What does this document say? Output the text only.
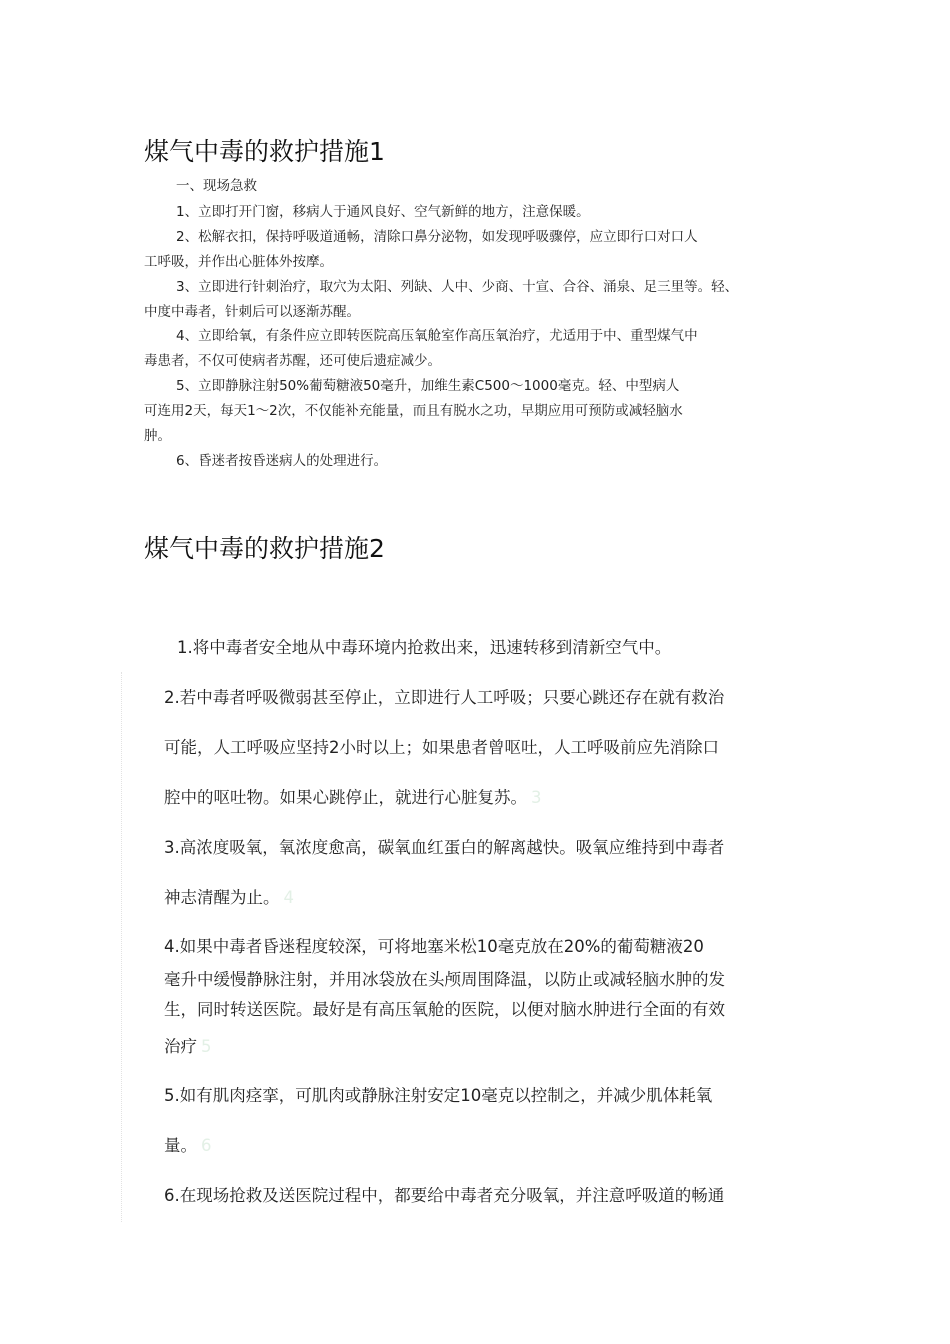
煤气中毒的救护措施1
一、现场急救
1、立即打开门窗，移病人于通风良好、空气新鲜的地方，注意保暖。
2、松解衣扣，保持呼吸道通畅，清除口鼻分泌物，如发现呼吸骤停，应立即行口对口人
工呼吸，并作出心脏体外按摩。
3、立即进行针刺治疗，取穴为太阳、列缺、人中、少商、十宣、合谷、涌泉、足三里等。轻、
中度中毒者，针刺后可以逐渐苏醒。
4、立即给氧，有条件应立即转医院高压氧舱室作高压氧治疗，尤适用于中、重型煤气中
毒患者，不仅可使病者苏醒，还可使后遗症减少。
5、立即静脉注射50%葡萄糖液50毫升，加维生素C500～1000毫克。轻、中型病人
可连用2天，每天1～2次，不仅能补充能量，而且有脱水之功，早期应用可预防或减轻脑水
肿。
6、昏迷者按昏迷病人的处理进行。
煤气中毒的救护措施2
1.将中毒者安全地从中毒环境内抢救出来，迅速转移到清新空气中。
2.若中毒者呼吸微弱甚至停止，立即进行人工呼吸；只要心跳还存在就有救治
可能，人工呼吸应坚持2小时以上；如果患者曾呕吐，人工呼吸前应先消除口
腔中的呕吐物。如果心跳停止，就进行心脏复苏。 3
3.高浓度吸氧，氧浓度愈高，碳氧血红蛋白的解离越快。吸氧应维持到中毒者
神志清醒为止。 4
4.如果中毒者昏迷程度较深，可将地塞米松10毫克放在20%的葡萄糖液20
毫升中缓慢静脉注射，并用冰袋放在头颅周围降温，以防止或减轻脑水肿的发
生，同时转送医院。最好是有高压氧舱的医院，以便对脑水肿进行全面的有效
治疗 5
5.如有肌肉痉挛，可肌肉或静脉注射安定10毫克以控制之，并减少肌体耗氧
量。 6
6.在现场抢救及送医院过程中，都要给中毒者充分吸氧，并注意呼吸道的畅通
